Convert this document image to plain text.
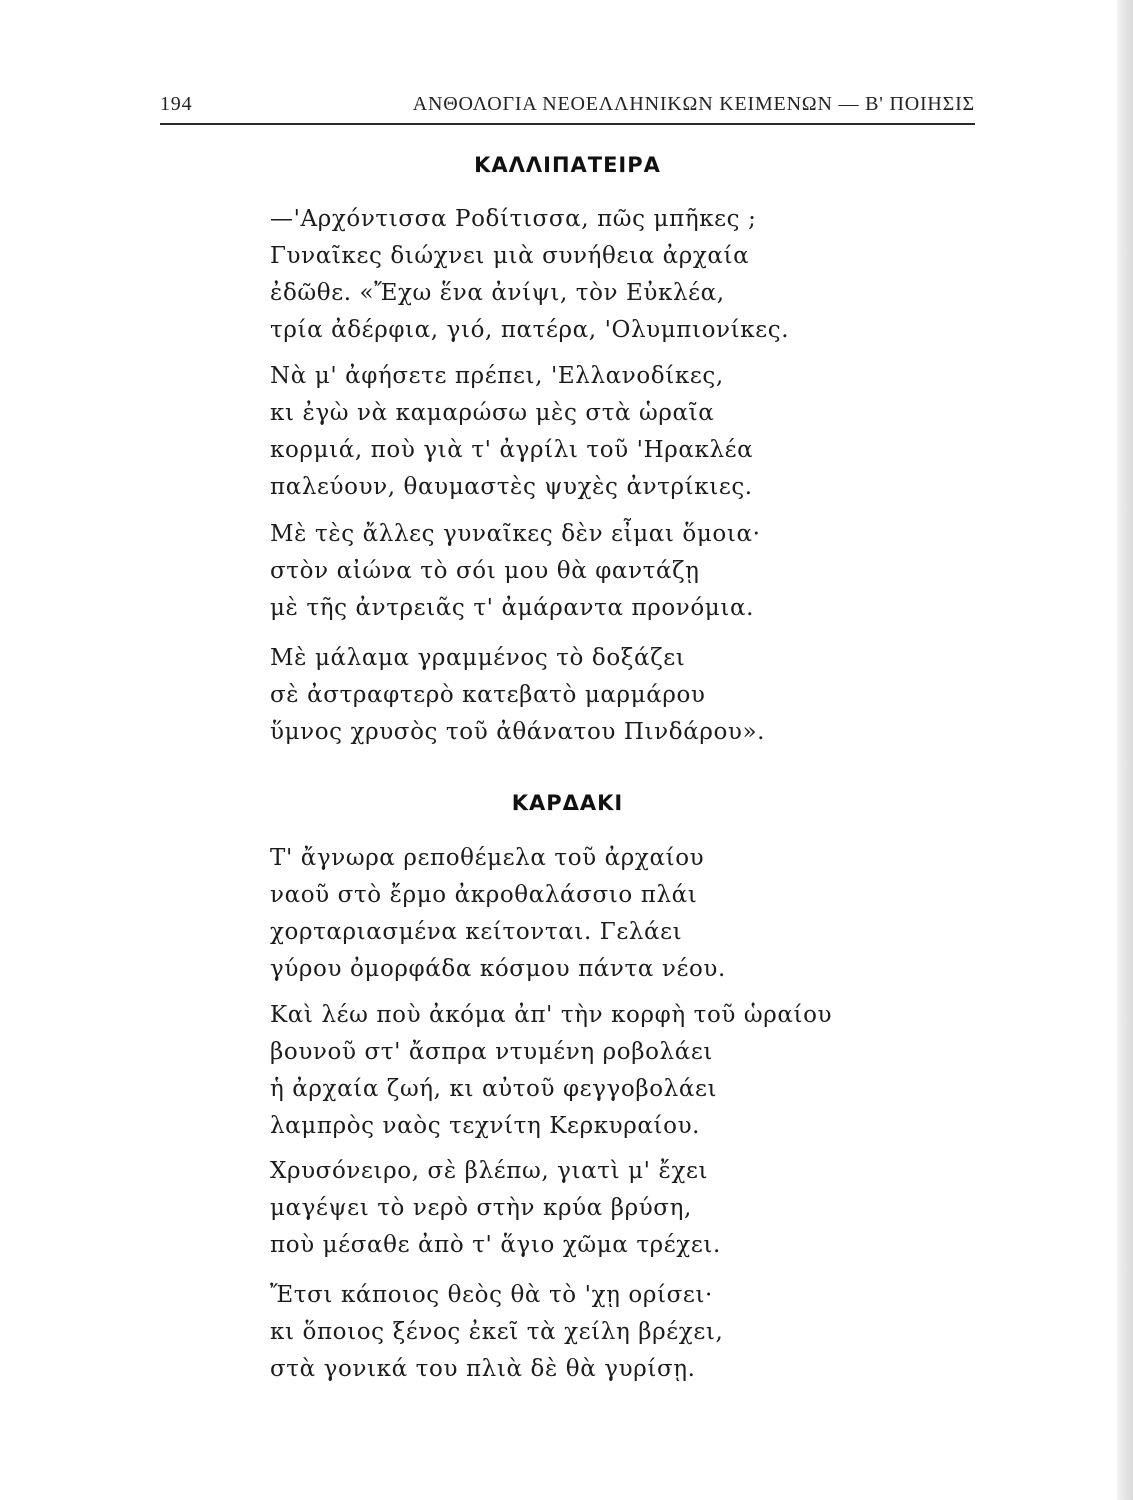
194	ΑΝΘΟΛΟΓΙΑ ΝΕΟΕΛΛΗΝΙΚΩΝ ΚΕΙΜΕΝΩΝ — Β' ΠΟΙΗΣΙΣ
ΚΑΛΛΙΠΑΤΕΙΡΑ
—'Αρχόντισσα Ροδίτισσα, πῶς μπῆκες ;
Γυναῖκες διώχνει μιὰ συνήθεια ἀρχαία
ἐδῶθε. «Ἔχω ἕνα ἀνίψι, τὸν Εὐκλέα,
τρία ἀδέρφια, γιό, πατέρα, 'Ολυμπιονίκες.
Νὰ μ' ἀφήσετε πρέπει, 'Ελλανοδίκες,
κι ἐγὼ νὰ καμαρώσω μὲς στὰ ὡραῖα
κορμιά, ποὺ γιὰ τ' ἀγρίλι τοῦ 'Ηρακλέα
παλεύουν, θαυμαστὲς ψυχὲς ἀντρίκιες.
Μὲ τὲς ἄλλες γυναῖκες δὲν εἶμαι ὅμοια·
στὸν αἰώνα τὸ σόι μου θὰ φαντάζῃ
μὲ τῆς ἀντρειᾶς τ' ἀμάραντα προνόμια.
Μὲ μάλαμα γραμμένος τὸ δοξάζει
σὲ ἀστραφτερὸ κατεβατὸ μαρμάρου
ὕμνος χρυσὸς τοῦ ἀθάνατου Πινδάρου».
ΚΑΡΔΑΚΙ
Τ' ἄγνωρα ρεποθέμελα τοῦ ἀρχαίου
ναοῦ στὸ ἔρμο ἀκροθαλάσσιο πλάι
χορταριασμένα κείτονται. Γελάει
γύρου ὀμορφάδα κόσμου πάντα νέου.
Καὶ λέω ποὺ ἀκόμα ἀπ' τὴν κορφὴ τοῦ ὡραίου
βουνοῦ στ' ἄσπρα ντυμένη ροβολάει
ἡ ἀρχαία ζωή, κι αὐτοῦ φεγγοβολάει
λαμπρὸς ναὸς τεχνίτη Κερκυραίου.
Χρυσόνειρο, σὲ βλέπω, γιατὶ μ' ἔχει
μαγέψει τὸ νερὸ στὴν κρύα βρύση,
ποὺ μέσαθε ἀπὸ τ' ἅγιο χῶμα τρέχει.
Ἔτσι κάποιος θεὸς θὰ τὸ 'χῃ ορίσει·
κι ὅποιος ξένος ἐκεῖ τὰ χείλη βρέχει,
στὰ γονικά του πλιὰ δὲ θὰ γυρίσῃ.
